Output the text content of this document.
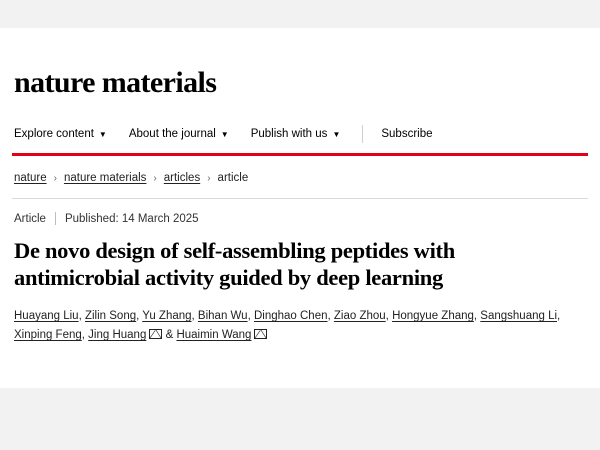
nature materials
Explore content ▼ About the journal ▼ Publish with us ▼	Subscribe
nature › nature materials › articles › article
Article Published: 14 March 2025
De novo design of self-assembling peptides with antimicrobial activity guided by deep learning
Huayang Liu, Zilin Song, Yu Zhang, Bihan Wu, Dinghao Chen, Ziao Zhou, Hongyue Zhang, Sangshuang Li, Xinping Feng, Jing Huang & Huaimin Wang
